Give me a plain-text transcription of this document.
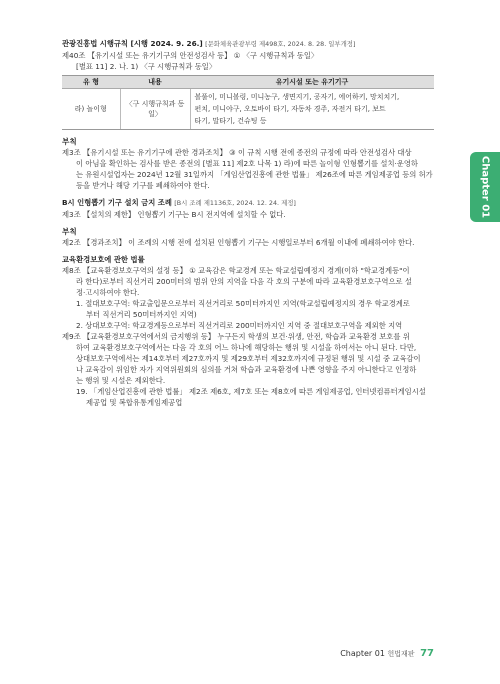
Chapter 01
관광진흥법 시행규칙 [시행 2024. 9. 26.] [문화체육관광부령 제498호, 2024. 8. 28. 일부개정]
제40조 【유기시설 또는 유기기구의 안전성검사 등】 ① 〈구 시행규칙과 동일〉
[별표 11] 2. 나. 1) 〈구 시행규칙과 동일〉
유 형	내용	유기시설 또는 유기기구
라) 놀이형	〈구 시행규칙과 동일〉	볼풀이, 미니볼링, 미니농구, 생면지기, 공자기, 에어하키, 망치치기,
펀치, 미니야구, 오토바이 타기, 자동차 경주, 자전거 타기, 보트
타기, 말타기, 건슈팅 등
부칙
제3조 【유기시설 또는 유기기구에 관한 경과조치】 ③ 이 규칙 시행 전에 종전의 규정에 따라 안전성검사 대상
이 아님을 확인하는 검사를 받은 종전의 [별표 11] 제2호 나목 1) 라)에 따른 놀이형 인형뽑기를 설치·운영하
는 유원시설업자는 2024년 12월 31일까지 「게임산업진흥에 관한 법률」 제26조에 따른 게임제공업 등의 허가
등을 받거나 해당 기구를 폐쇄하여야 한다.
B시 인형뽑기 기구 설치 금지 조례 [B시 조례 제1136호, 2024. 12. 24. 제정]
제3조 【설치의 제한】 인형뽑기 기구는 B시 전지역에 설치할 수 없다.
부칙
제2조 【경과조치】 이 조례의 시행 전에 설치된 인형뽑기 기구는 시행일로부터 6개월 이내에 폐쇄하여야 한다.
교육환경보호에 관한 법률
제8조 【교육환경보호구역의 설정 등】 ① 교육감은 학교경계 또는 학교설립예정지 경계(이하 "학교경계등"이
라 한다)로부터 직선거리 200미터의 범위 안의 지역을 다음 각 호의 구분에 따라 교육환경보호구역으로 설
정·고시하여야 한다.
1. 절대보호구역: 학교출입문으로부터 직선거리로 50미터까지인 지역(학교설립예정지의 경우 학교경계로
부터 직선거리 50미터까지인 지역)
2. 상대보호구역: 학교경계등으로부터 직선거리로 200미터까지인 지역 중 절대보호구역을 제외한 지역
제9조 【교육환경보호구역에서의 금지행위 등】 누구든지 학생의 보건·위생, 안전, 학습과 교육환경 보호를 위
하여 교육환경보호구역에서는 다음 각 호의 어느 하나에 해당하는 행위 및 시설을 하여서는 아니 된다. 다만,
상대보호구역에서는 제14호부터 제27호까지 및 제29호부터 제32호까지에 규정된 행위 및 시설 중 교육감이
나 교육감이 위임한 자가 지역위원회의 심의를 거쳐 학습과 교육환경에 나쁜 영향을 주지 아니한다고 인정하
는 행위 및 시설은 제외한다.
19. 「게임산업진흥에 관한 법률」 제2조 제6호, 제7호 또는 제8호에 따른 게임제공업, 인터넷컴퓨터게임시설
제공업 및 복합유통게임제공업
Chapter 01 헌법재판 77
